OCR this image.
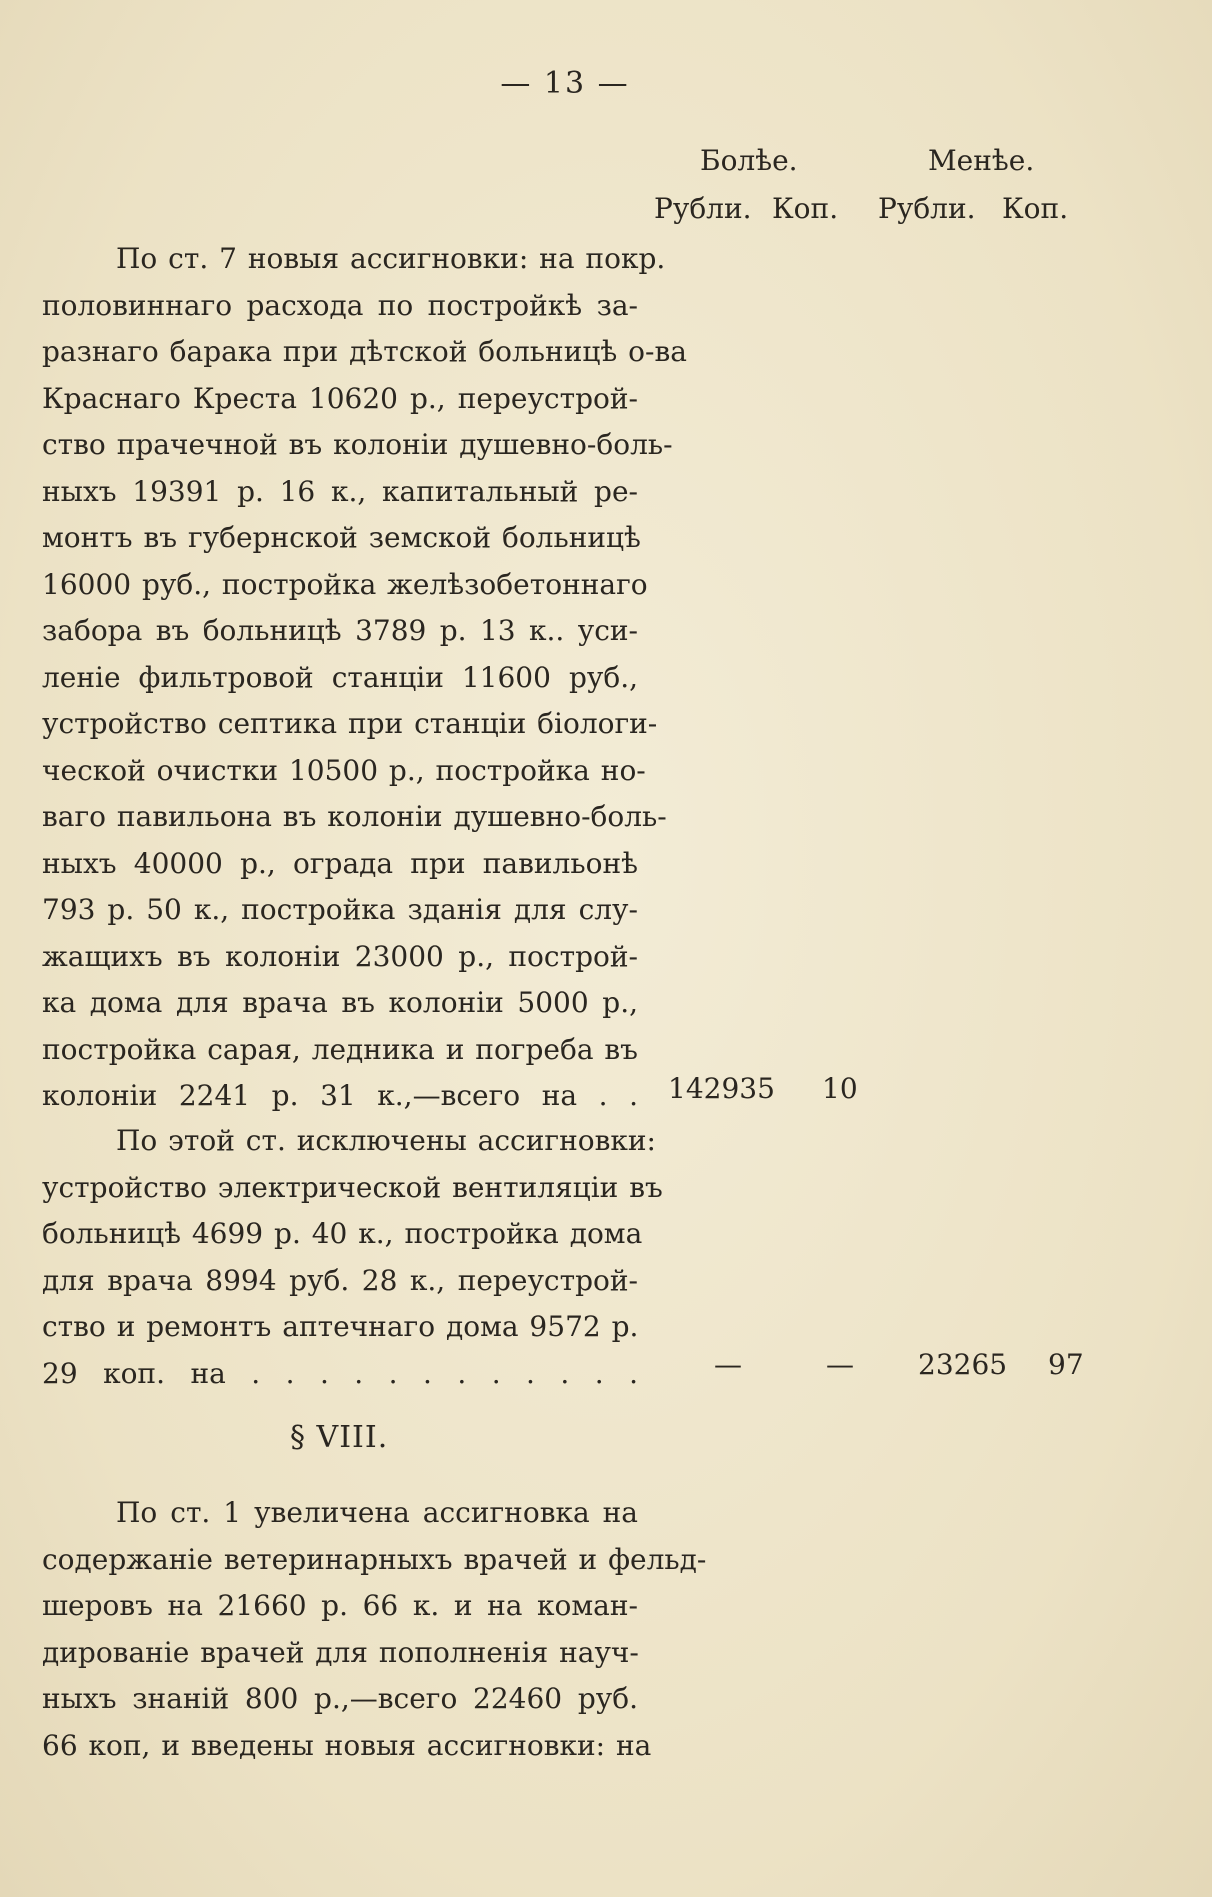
— 13 —
Болѣе.	Менѣе.
Рубли. Коп. Рубли. Коп.
По ст. 7 новыя ассигновки: на покр.
половиннаго расхода по постройкѣ за-
разнаго барака при дѣтской больницѣ о-ва
Краснаго Креста 10620 р., переустрой-
ство прачечной въ колоніи душевно-боль-
ныхъ 19391 р. 16 к., капитальный ре-
монтъ въ губернской земской больницѣ
16000 руб., постройка желѣзобетоннаго
забора въ больницѣ 3789 р. 13 к.. уси-
леніе фильтровой станціи 11600 руб.,
устройство септика при станціи біологи-
ческой очистки 10500 р., постройка но-
ваго павильона въ колоніи душевно-боль-
ныхъ 40000 р., ограда при павильонѣ
793 р. 50 к., постройка зданія для слу-
жащихъ въ колоніи 23000 р., построй-
ка дома для врача въ колоніи 5000 р.,
постройка сарая, ледника и погреба въ
колоніи 2241 р. 31 к.,—всего на . . 142935 10
По этой ст. исключены ассигновки:
устройство электрической вентиляціи въ
больницѣ 4699 р. 40 к., постройка дома
для врача 8994 руб. 28 к., переустрой-
ство и ремонтъ аптечнаго дома 9572 р.
29 коп. на . . . . . . . . . . . .	—	— 23265 97
§ VIII.
По ст. 1 увеличена ассигновка на
содержаніе ветеринарныхъ врачей и фельд-
шеровъ на 21660 р. 66 к. и на коман-
дированіе врачей для пополненія науч-
ныхъ знаній 800 р.,—всего 22460 руб.
66 коп, и введены новыя ассигновки: на
